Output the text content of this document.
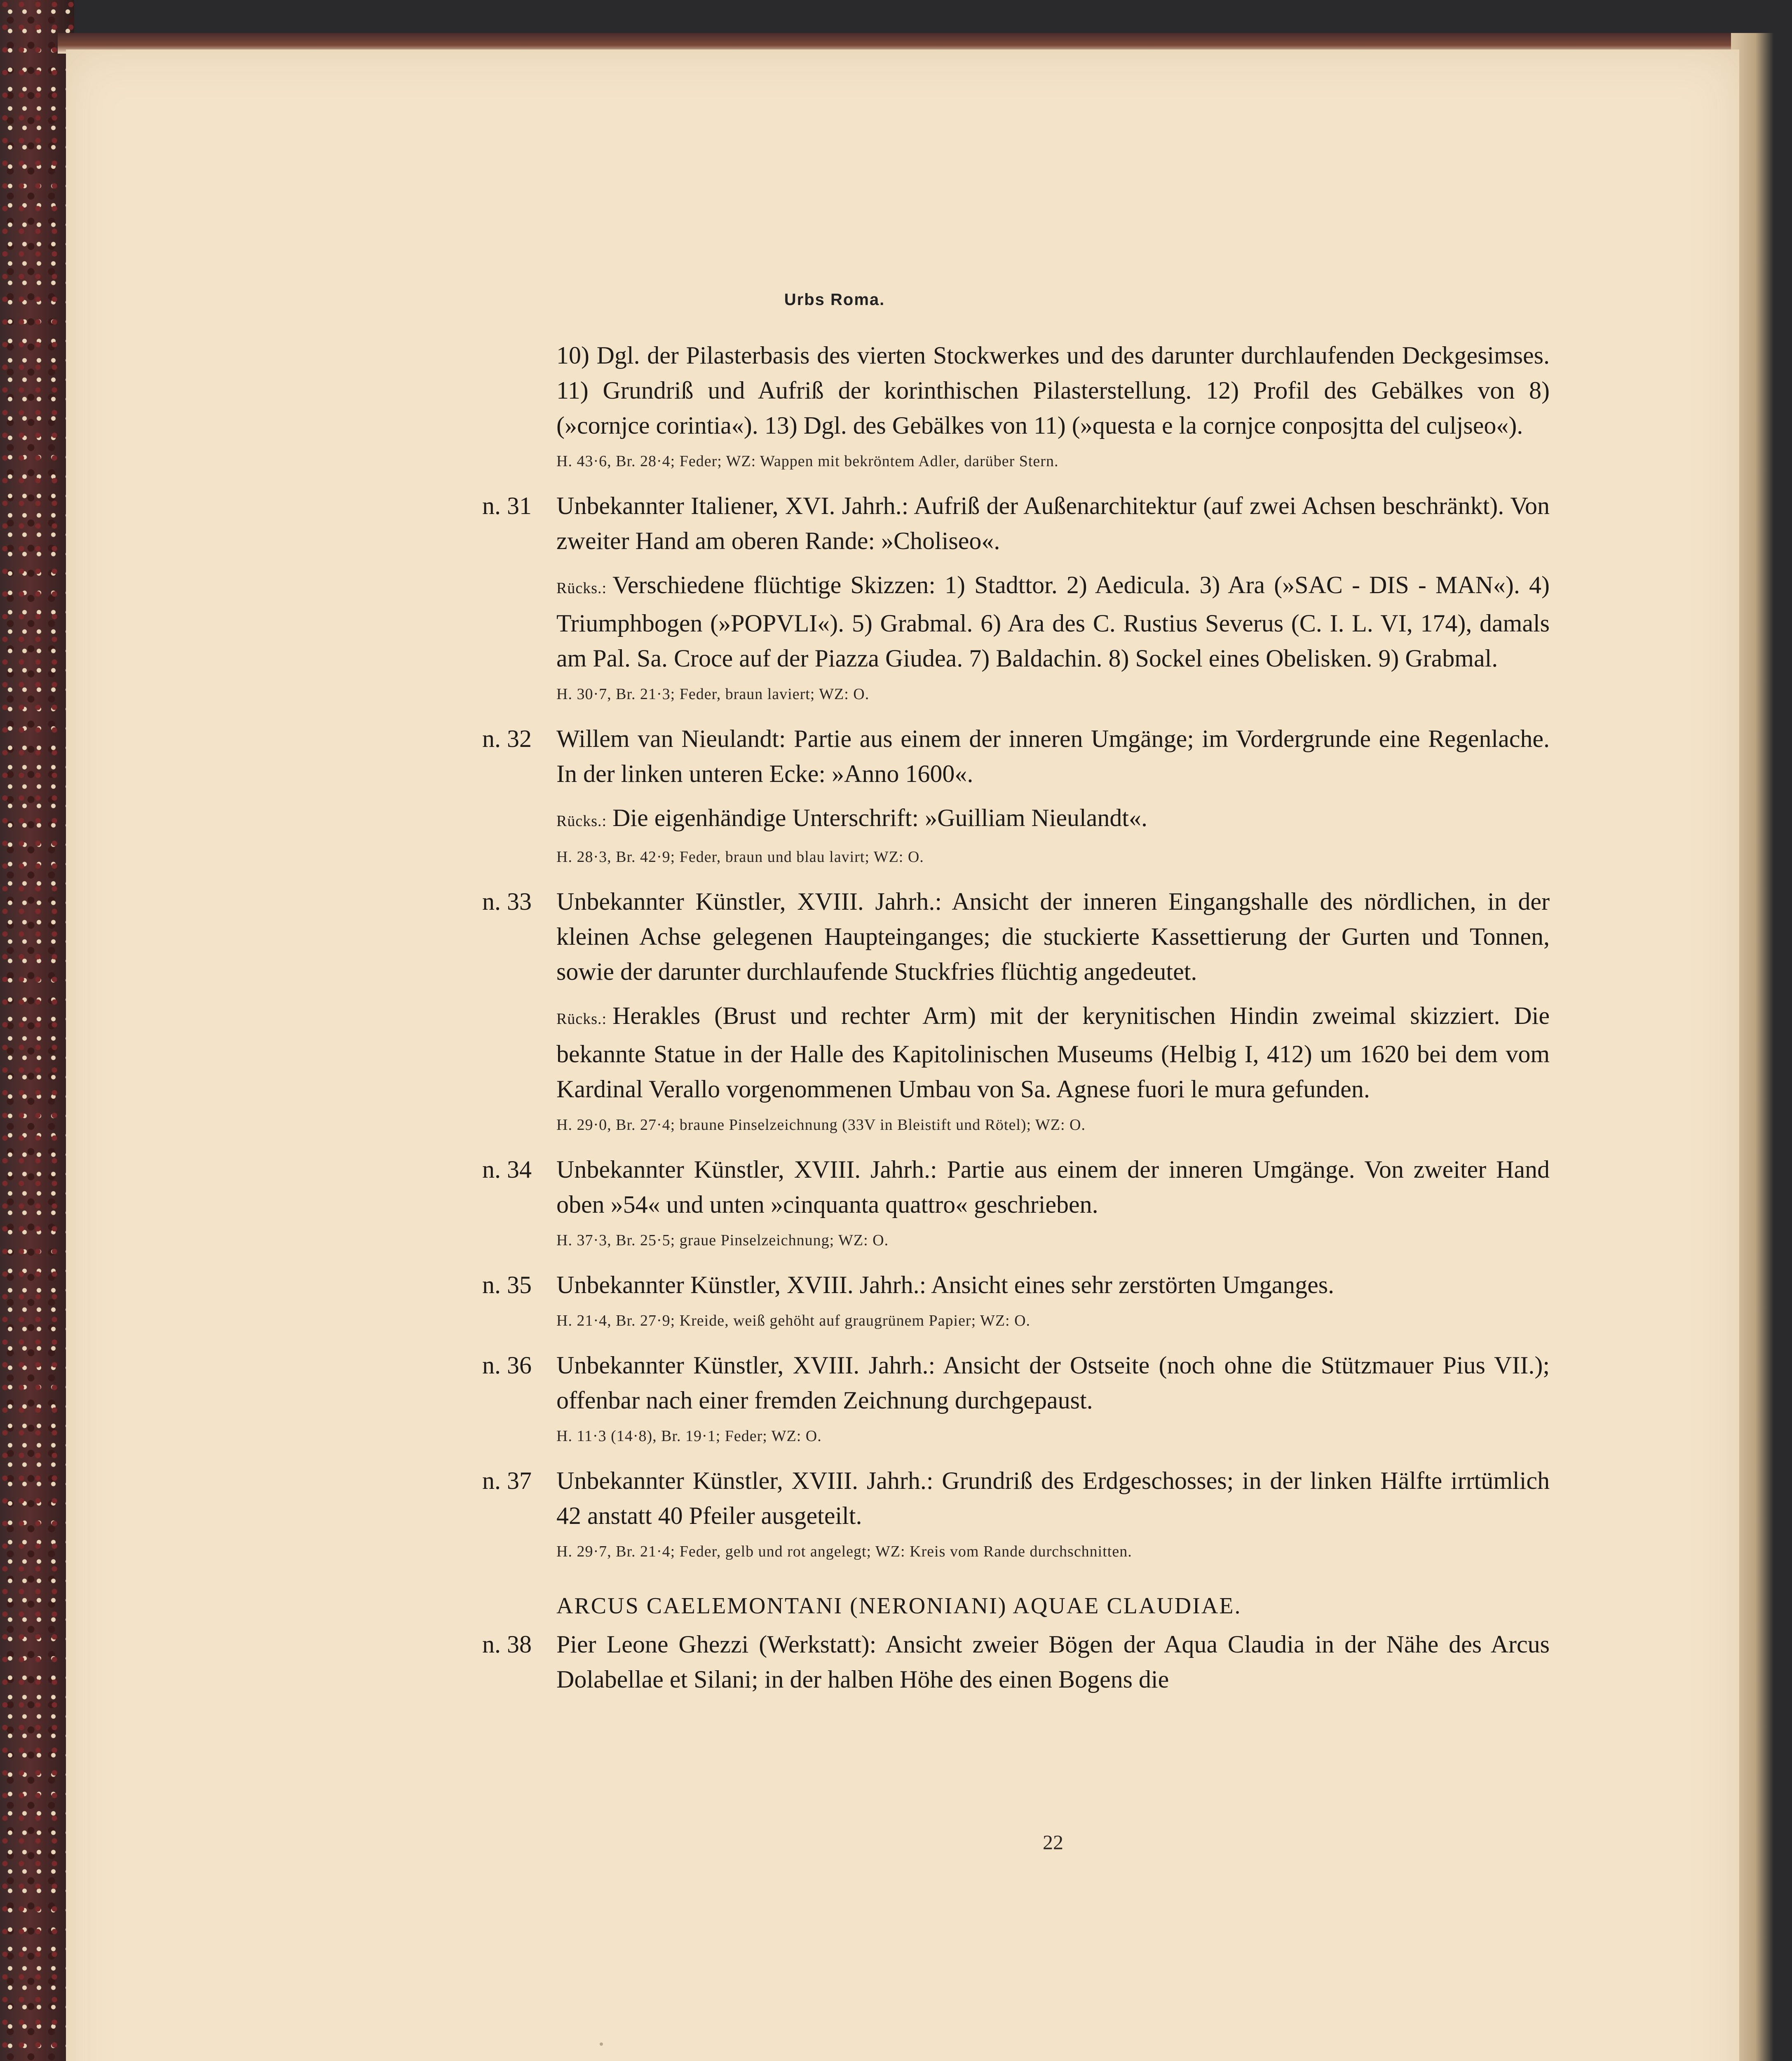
Urbs Roma.

10) Dgl. der Pilasterbasis des vierten Stockwerkes und des darunter durchlaufenden Deckgesimses. 11) Grundriß und Aufriß der korinthischen Pilasterstellung. 12) Profil des Gebälkes von 8) (»cornjce corintia«). 13) Dgl. des Gebälkes von 11) (»questa e la cornjce conposjtta del culjseo«).

H. 43·6, Br. 28·4; Feder; WZ: Wappen mit bekröntem Adler, darüber Stern.
n. 31 Unbekannter Italiener, XVI. Jahrh.: Aufriß der Außenarchitektur (auf zwei Achsen beschränkt). Von zweiter Hand am oberen Rande: »Choliseo«.

Rücks.: Verschiedene flüchtige Skizzen: 1) Stadttor. 2) Aedicula. 3) Ara (»SAC - DIS - MAN«). 4) Triumphbogen (»POPVLI«). 5) Grabmal. 6) Ara des C. Rustius Severus (C. I. L. VI, 174), damals am Pal. Sa. Croce auf der Piazza Giudea. 7) Baldachin. 8) Sockel eines Obelisken. 9) Grabmal.

H. 30·7, Br. 21·3; Feder, braun laviert; WZ: O.
n. 32 Willem van Nieulandt: Partie aus einem der inneren Umgänge; im Vordergrunde eine Regenlache. In der linken unteren Ecke: »Anno 1600«.

Rücks.: Die eigenhändige Unterschrift: »Guilliam Nieulandt«.

H. 28·3, Br. 42·9; Feder, braun und blau lavirt; WZ: O.
n. 33 Unbekannter Künstler, XVIII. Jahrh.: Ansicht der inneren Eingangshalle des nördlichen, in der kleinen Achse gelegenen Haupteinganges; die stuckierte Kassettierung der Gurten und Tonnen, sowie der darunter durchlaufende Stuckfries flüchtig angedeutet.

Rücks.: Herakles (Brust und rechter Arm) mit der kerynitischen Hindin zweimal skizziert. Die bekannte Statue in der Halle des Kapitolinischen Museums (Helbig I, 412) um 1620 bei dem vom Kardinal Verallo vorgenommenen Umbau von Sa. Agnese fuori le mura gefunden.

H. 29·0, Br. 27·4; braune Pinselzeichnung (33V in Bleistift und Rötel); WZ: O.
n. 34 Unbekannter Künstler, XVIII. Jahrh.: Partie aus einem der inneren Umgänge. Von zweiter Hand oben »54« und unten »cinquanta quattro« geschrieben.

H. 37·3, Br. 25·5; graue Pinselzeichnung; WZ: O.
n. 35 Unbekannter Künstler, XVIII. Jahrh.: Ansicht eines sehr zerstörten Umganges.

H. 21·4, Br. 27·9; Kreide, weiß gehöht auf graugrünem Papier; WZ: O.
n. 36 Unbekannter Künstler, XVIII. Jahrh.: Ansicht der Ostseite (noch ohne die Stützmauer Pius VII.); offenbar nach einer fremden Zeichnung durchgepaust.

H. 11·3 (14·8), Br. 19·1; Feder; WZ: O.
n. 37 Unbekannter Künstler, XVIII. Jahrh.: Grundriß des Erdgeschosses; in der linken Hälfte irrtümlich 42 anstatt 40 Pfeiler ausgeteilt.

H. 29·7, Br. 21·4; Feder, gelb und rot angelegt; WZ: Kreis vom Rande durchschnitten.
ARCUS CAELEMONTANI (NERONIANI) AQUAE CLAUDIAE.
n. 38 Pier Leone Ghezzi (Werkstatt): Ansicht zweier Bögen der Aqua Claudia in der Nähe des Arcus Dolabellae et Silani; in der halben Höhe des einen Bogens die

22
